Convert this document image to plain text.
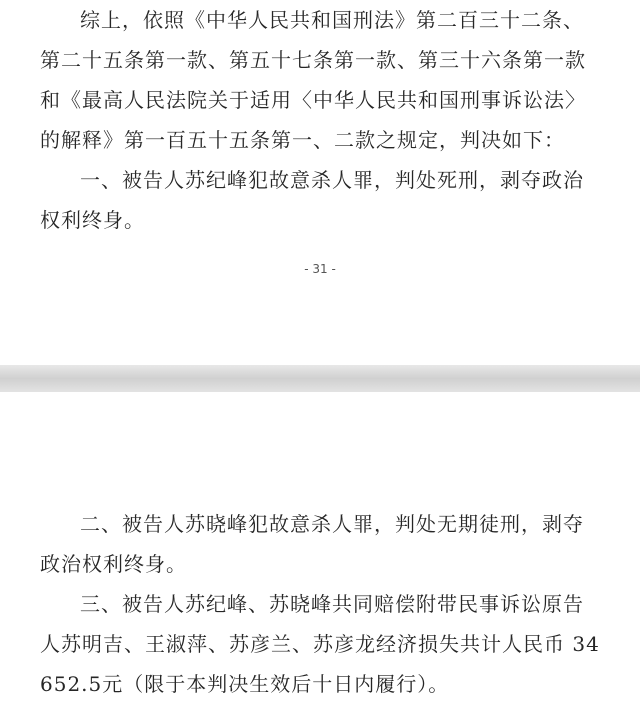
综上，依照《中华人民共和国刑法》第二百三十二条、第二十五条第一款、第五十七条第一款、第三十六条第一款和《最高人民法院关于适用〈中华人民共和国刑事诉讼法〉的解释》第一百五十五条第一、二款之规定，判决如下：

一、被告人苏纪峰犯故意杀人罪，判处死刑，剥夺政治权利终身。

- 31 -

二、被告人苏晓峰犯故意杀人罪，判处无期徒刑，剥夺政治权利终身。

三、被告人苏纪峰、苏晓峰共同赔偿附带民事诉讼原告人苏明吉、王淑萍、苏彦兰、苏彦龙经济损失共计人民币 34652.5元（限于本判决生效后十日内履行）。
